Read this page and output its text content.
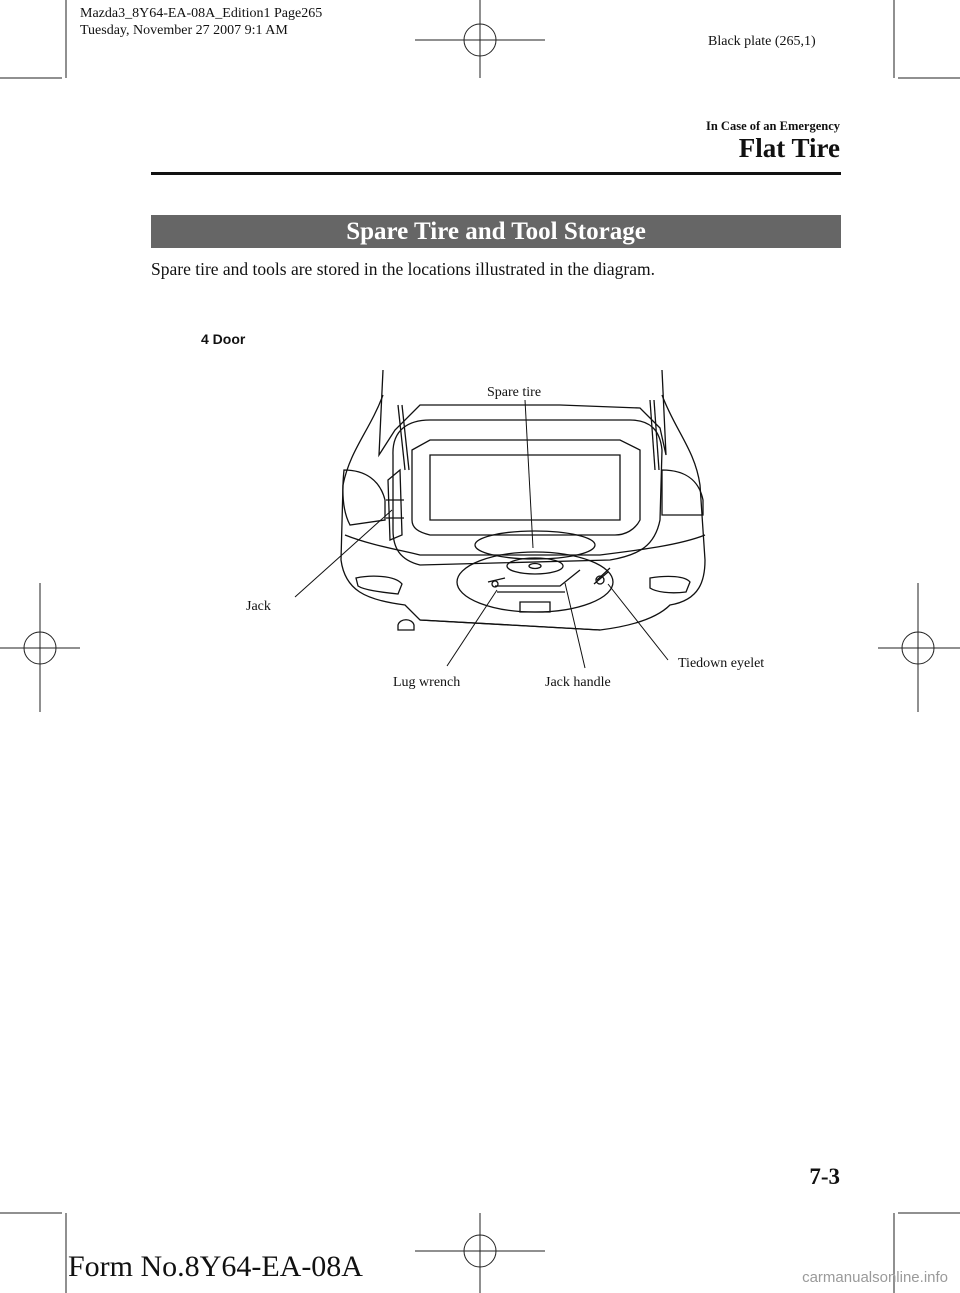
Mazda3_8Y64-EA-08A_Edition1 Page265
Tuesday, November 27 2007 9:1 AM
Black plate (265,1)
In Case of an Emergency
Flat Tire
Spare Tire and Tool Storage
Spare tire and tools are stored in the locations illustrated in the diagram.
4 Door
Spare tire
Jack
Lug wrench	Jack handle
Tiedown eyelet
7-3
Form No.8Y64-EA-08A	carmanualsonline.info
